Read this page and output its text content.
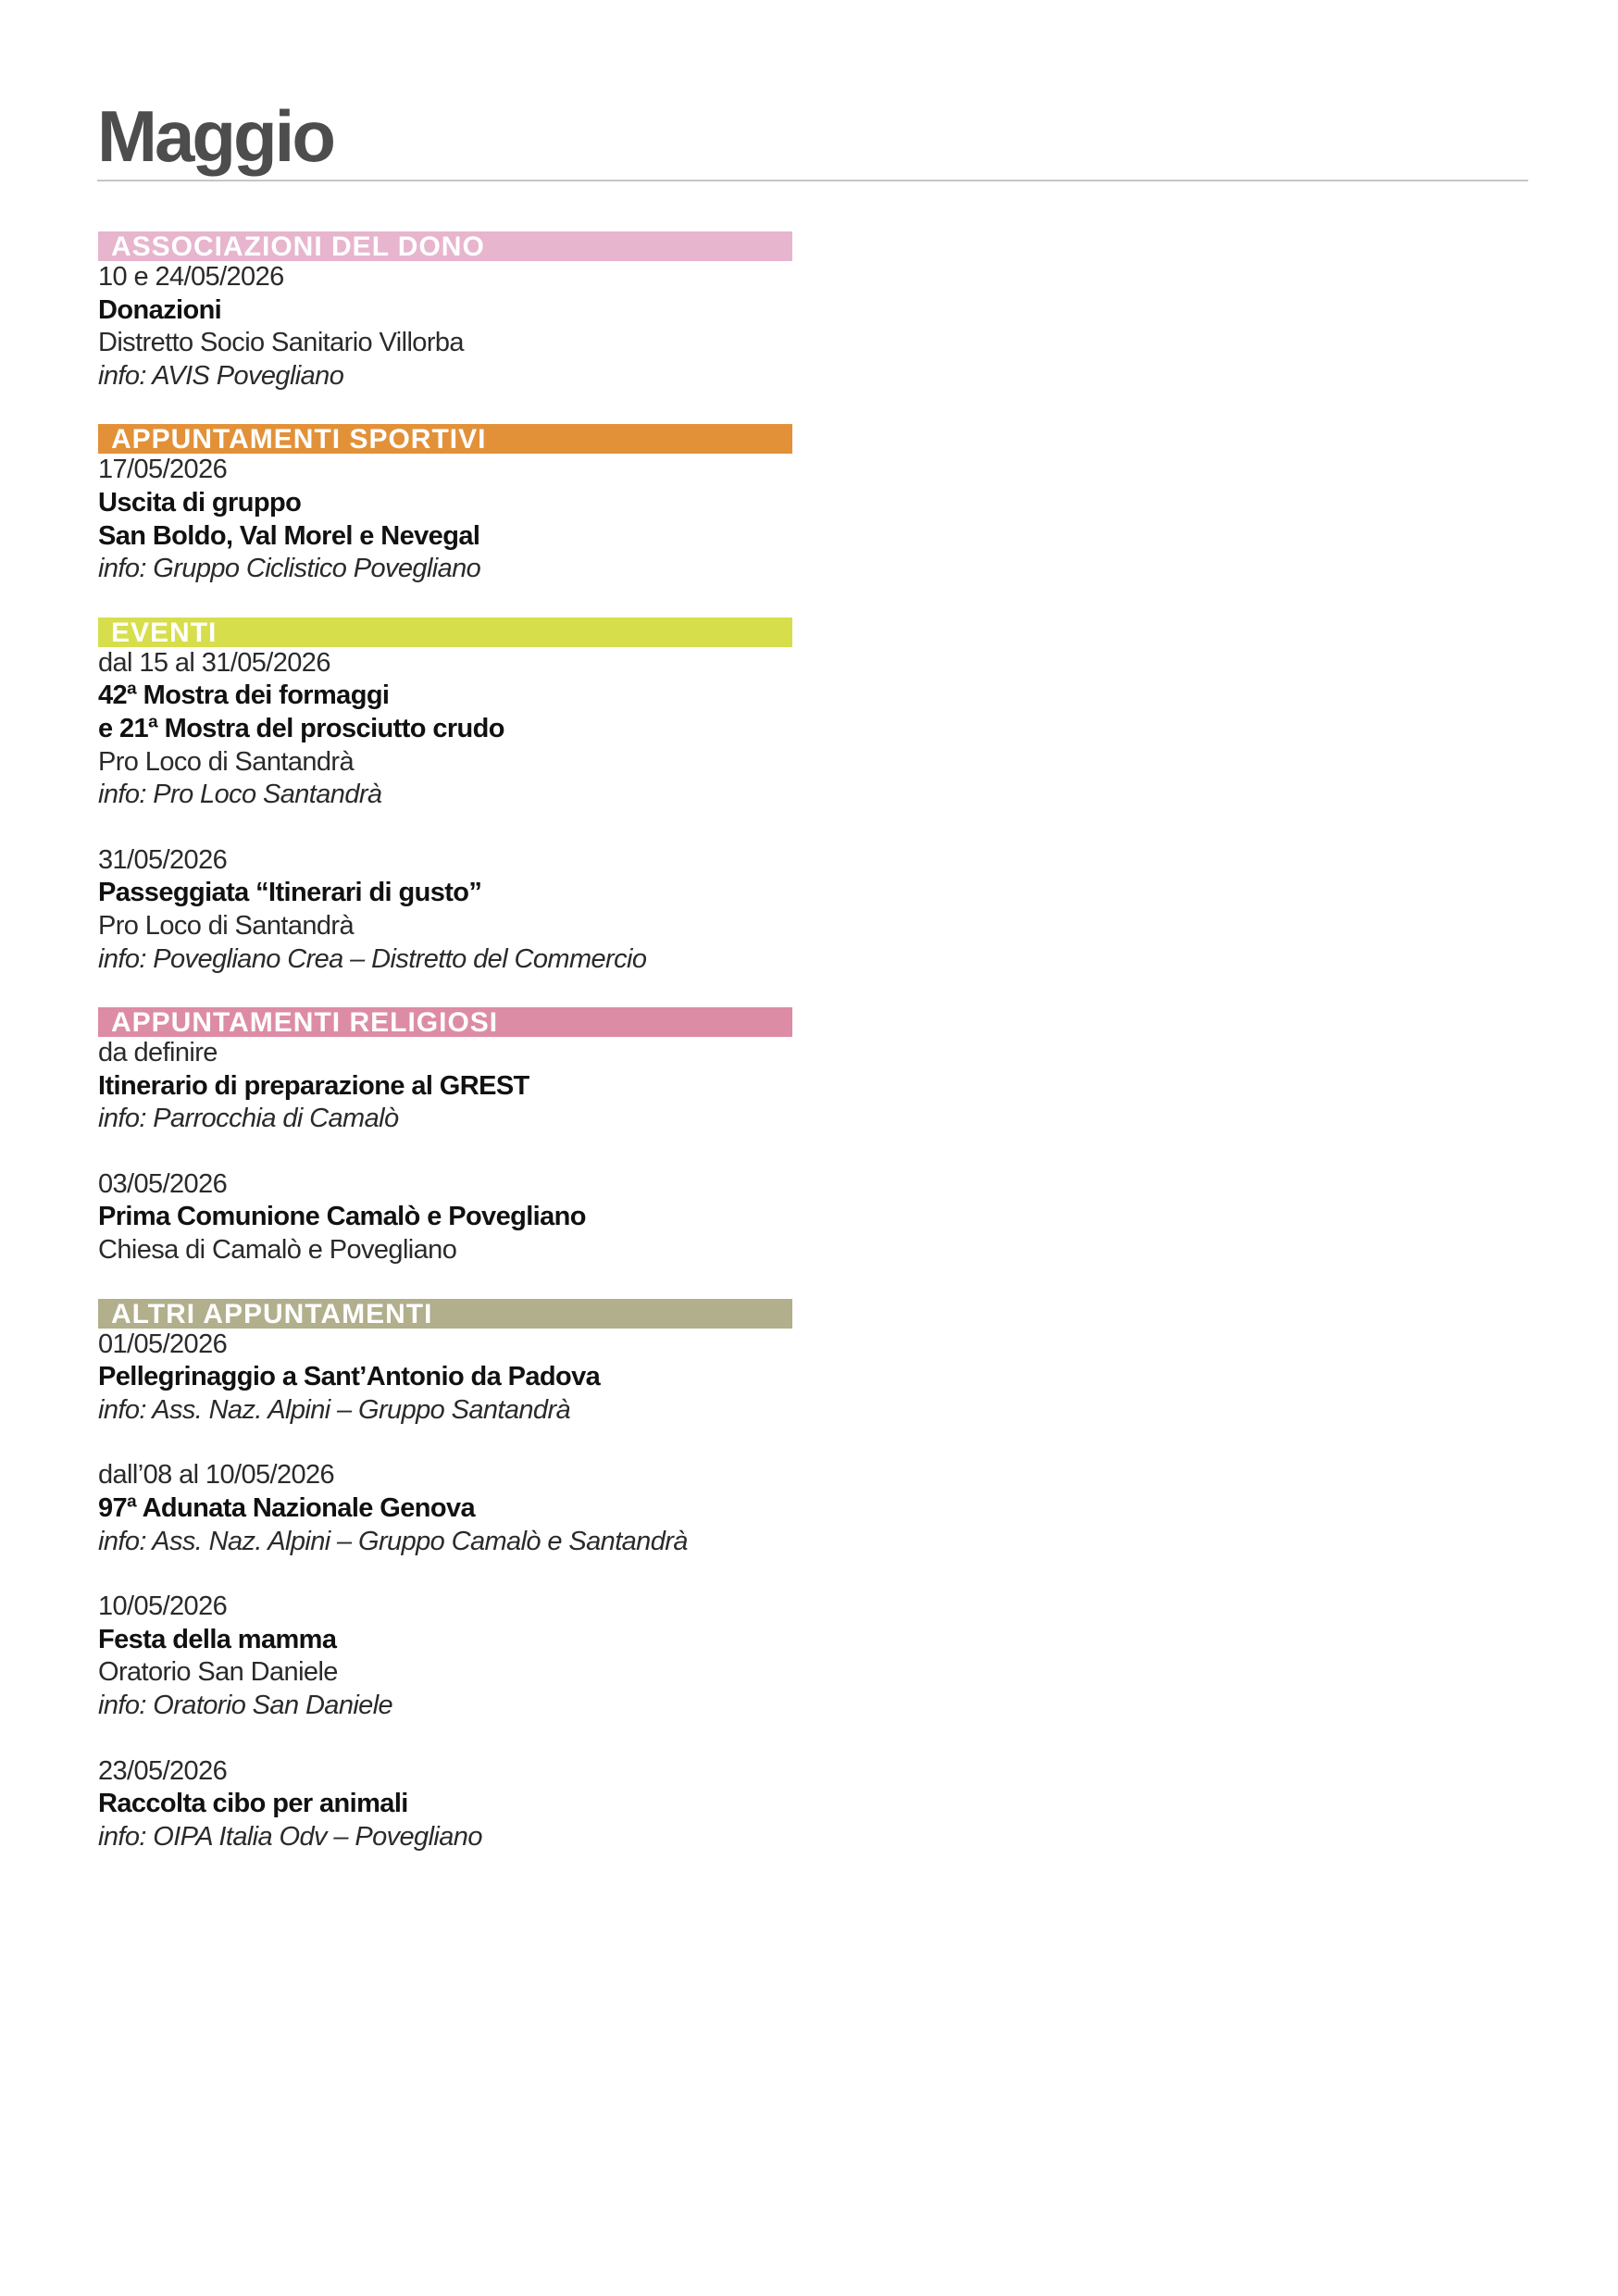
Maggio
ASSOCIAZIONI DEL DONO
10 e 24/05/2026
Donazioni
Distretto Socio Sanitario Villorba
info: AVIS Povegliano
APPUNTAMENTI SPORTIVI
17/05/2026
Uscita di gruppo
San Boldo, Val Morel e Nevegal
info: Gruppo Ciclistico Povegliano
EVENTI
dal 15 al 31/05/2026
42ª Mostra dei formaggi
e 21ª Mostra del prosciutto crudo
Pro Loco di Santandrà
info: Pro Loco Santandrà
31/05/2026
Passeggiata “Itinerari di gusto”
Pro Loco di Santandrà
info: Povegliano Crea – Distretto del Commercio
APPUNTAMENTI RELIGIOSI
da definire
Itinerario di preparazione al GREST
info: Parrocchia di Camalò
03/05/2026
Prima Comunione Camalò e Povegliano
Chiesa di Camalò e Povegliano
ALTRI APPUNTAMENTI
01/05/2026
Pellegrinaggio a Sant’Antonio da Padova
info: Ass. Naz. Alpini – Gruppo Santandrà
dall’08 al 10/05/2026
97ª Adunata Nazionale Genova
info: Ass. Naz. Alpini – Gruppo Camalò e Santandrà
10/05/2026
Festa della mamma
Oratorio San Daniele
info: Oratorio San Daniele
23/05/2026
Raccolta cibo per animali
info: OIPA Italia Odv – Povegliano
